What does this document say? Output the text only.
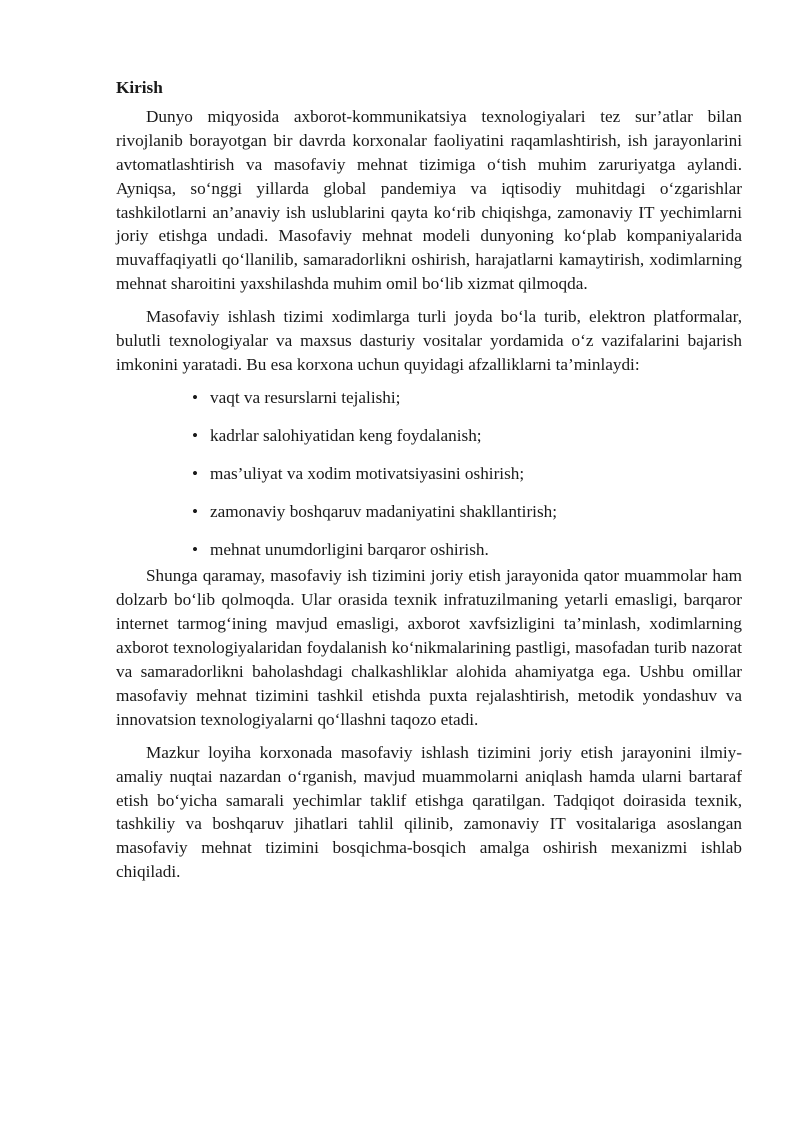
Kirish

Dunyo miqyosida axborot-kommunikatsiya texnologiyalari tez sur’atlar bilan rivojlanib borayotgan bir davrda korxonalar faoliyatini raqamlashtirish, ish jarayonlarini avtomatlashtirish va masofaviy mehnat tizimiga o‘tish muhim zaruriyatga aylandi. Ayniqsa, so‘nggi yillarda global pandemiya va iqtisodiy muhitdagi o‘zgarishlar tashkilotlarni an’anaviy ish uslublarini qayta ko‘rib chiqishga, zamonaviy IT yechimlarni joriy etishga undadi. Masofaviy mehnat modeli dunyoning ko‘plab kompaniyalarida muvaffaqiyatli qo‘llanilib, samaradorlikni oshirish, harajatlarni kamaytirish, xodimlarning mehnat sharoitini yaxshilashda muhim omil bo‘lib xizmat qilmoqda.

Masofaviy ishlash tizimi xodimlarga turli joyda bo‘la turib, elektron platformalar, bulutli texnologiyalar va maxsus dasturiy vositalar yordamida o‘z vazifalarini bajarish imkonini yaratadi. Bu esa korxona uchun quyidagi afzalliklarni ta’minlaydi:

• vaqt va resurslarni tejalishi;
• kadrlar salohiyatidan keng foydalanish;
• mas’uliyat va xodim motivatsiyasini oshirish;
• zamonaviy boshqaruv madaniyatini shakllantirish;
• mehnat unumdorligini barqaror oshirish.

Shunga qaramay, masofaviy ish tizimini joriy etish jarayonida qator muammolar ham dolzarb bo‘lib qolmoqda. Ular orasida texnik infratuzilmaning yetarli emasligi, barqaror internet tarmog‘ining mavjud emasligi, axborot xavfsizligini ta’minlash, xodimlarning axborot texnologiyalaridan foydalanish ko‘nikmalarining pastligi, masofadan turib nazorat va samaradorlikni baholashdagi chalkashliklar alohida ahamiyatga ega. Ushbu omillar masofaviy mehnat tizimini tashkil etishda puxta rejalashtirish, metodik yondashuv va innovatsion texnologiyalarni qo‘llashni taqozo etadi.

Mazkur loyiha korxonada masofaviy ishlash tizimini joriy etish jarayonini ilmiy-amaliy nuqtai nazardan o‘rganish, mavjud muammolarni aniqlash hamda ularni bartaraf etish bo‘yicha samarali yechimlar taklif etishga qaratilgan. Tadqiqot doirasida texnik, tashkiliy va boshqaruv jihatlari tahlil qilinib, zamonaviy IT vositalariga asoslangan masofaviy mehnat tizimini bosqichma-bosqich amalga oshirish mexanizmi ishlab chiqiladi.
